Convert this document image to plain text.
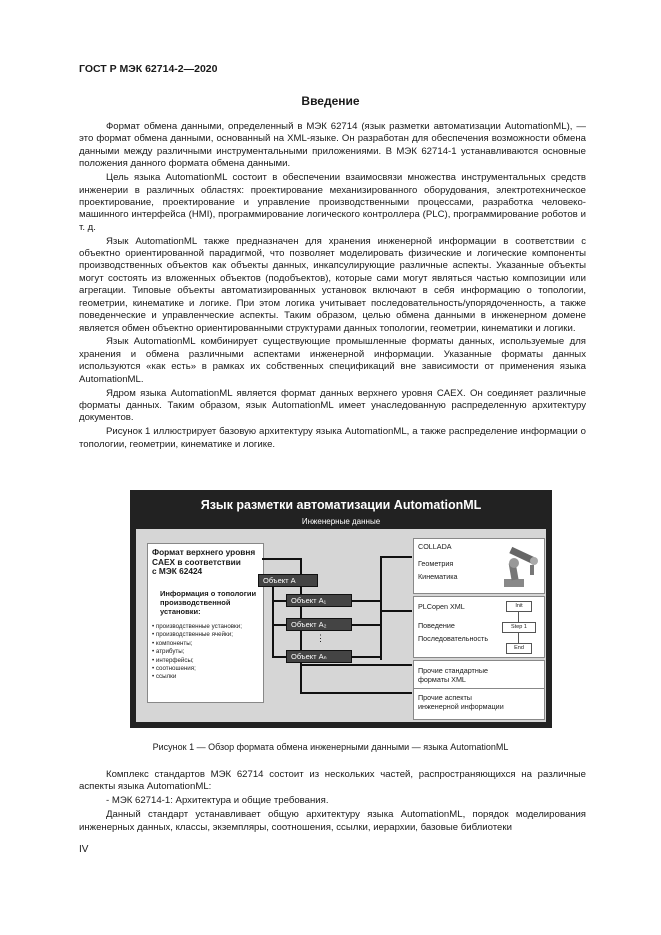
ГОСТ Р МЭК 62714-2—2020
Введение

Формат обмена данными, определенный в МЭК 62714 (язык разметки автоматизации AutomationML), — это формат обмена данными, основанный на XML-языке. Он разработан для обеспечения возможности обмена данными между различными инструментальными приложениями. В МЭК 62714-1 устанавливаются основные положения данного формата обмена данными.

Цель языка AutomationML состоит в обеспечении взаимосвязи множества инструментальных средств инженерии в различных областях: проектирование механизированного оборудования, электротехническое проектирование, проектирование и управление производственными процессами, разработка человеко-машинного интерфейса (HMI), программирование логического контроллера (PLC), программирование роботов и т. д.

Язык AutomationML также предназначен для хранения инженерной информации в соответствии с объектно ориентированной парадигмой, что позволяет моделировать физические и логические компоненты производственных объектов как объекты данных, инкапсулирующие различные аспекты. Указанные объекты могут состоять из вложенных объектов (подобъектов), которые сами могут являться частью композиции или агрегации. Типовые объекты автоматизированных установок включают в себя информацию о топологии, геометрии, кинематике и логике. При этом логика учитывает последовательность/упорядоченность, а также поведенческие и управленческие аспекты. Таким образом, целью обмена данными в инженерном домене является обмен объектно ориентированными структурами данных топологии, геометрии, кинематики и логики.

Язык AutomationML комбинирует существующие промышленные форматы данных, используемые для хранения и обмена различными аспектами инженерной информации. Указанные форматы данных используются «как есть» в рамках их собственных спецификаций вне зависимости от применения языка AutomationML.

Ядром языка AutomationML является формат данных верхнего уровня CAEX. Он соединяет различные форматы данных. Таким образом, язык AutomationML имеет унаследованную распределенную архитектуру документов.

Рисунок 1 иллюстрирует базовую архитектуру языка AutomationML, а также распределение информации о топологии, геометрии, кинематике и логике.

Язык разметки автоматизации AutomationML
Инженерные данные
Формат верхнего уровня
CAEX в соответствии
с МЭК 62424
Информация о топологии
производственной
установки:
• производственные установки;
• производственные ячейки;
• компоненты;
• атрибуты;
• интерфейсы;
• соотношения;
• ссылки
Объект А
Объект А₁
Объект А₂
⋮
Объект Аₙ
COLLADA
Геометрия
Кинематика
PLCopen XML
Поведение
Последовательность
Init
Step 1
End
Прочие стандартные
форматы XML
Прочие аспекты
инженерной информации
Рисунок 1 — Обзор формата обмена инженерными данными — языка AutomationML

Комплекс стандартов МЭК 62714 состоит из нескольких частей, распространяющихся на различные аспекты языка AutomationML:

- МЭК 62714-1: Архитектура и общие требования.

Данный стандарт устанавливает общую архитектуру языка AutomationML, порядок моделирования инженерных данных, классы, экземпляры, соотношения, ссылки, иерархии, базовые библиотеки

IV
